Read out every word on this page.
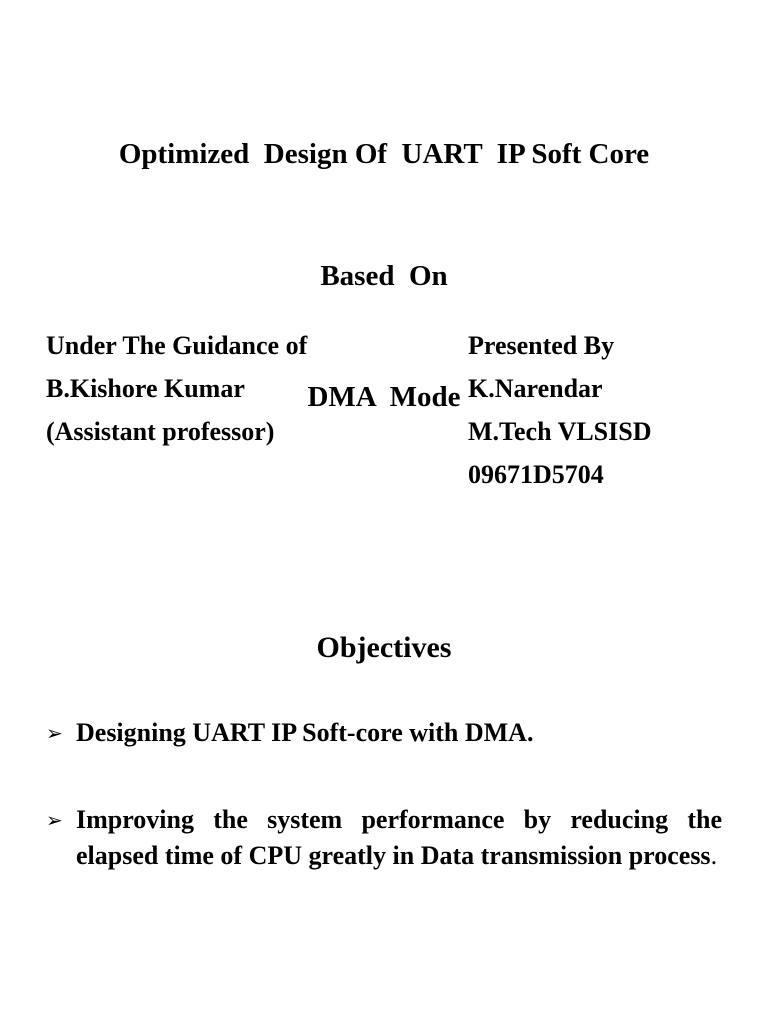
Optimized  Design Of  UART  IP Soft Core

Based  On

DMA  Mode

Under The Guidance of
B.Kishore Kumar
(Assistant professor)
Presented By
K.Narendar
M.Tech VLSISD
09671D5704
Objectives
➢ Designing UART IP Soft-core with DMA.
➢ Improving the system performance by reducing the elapsed time of CPU greatly in Data transmission process.
